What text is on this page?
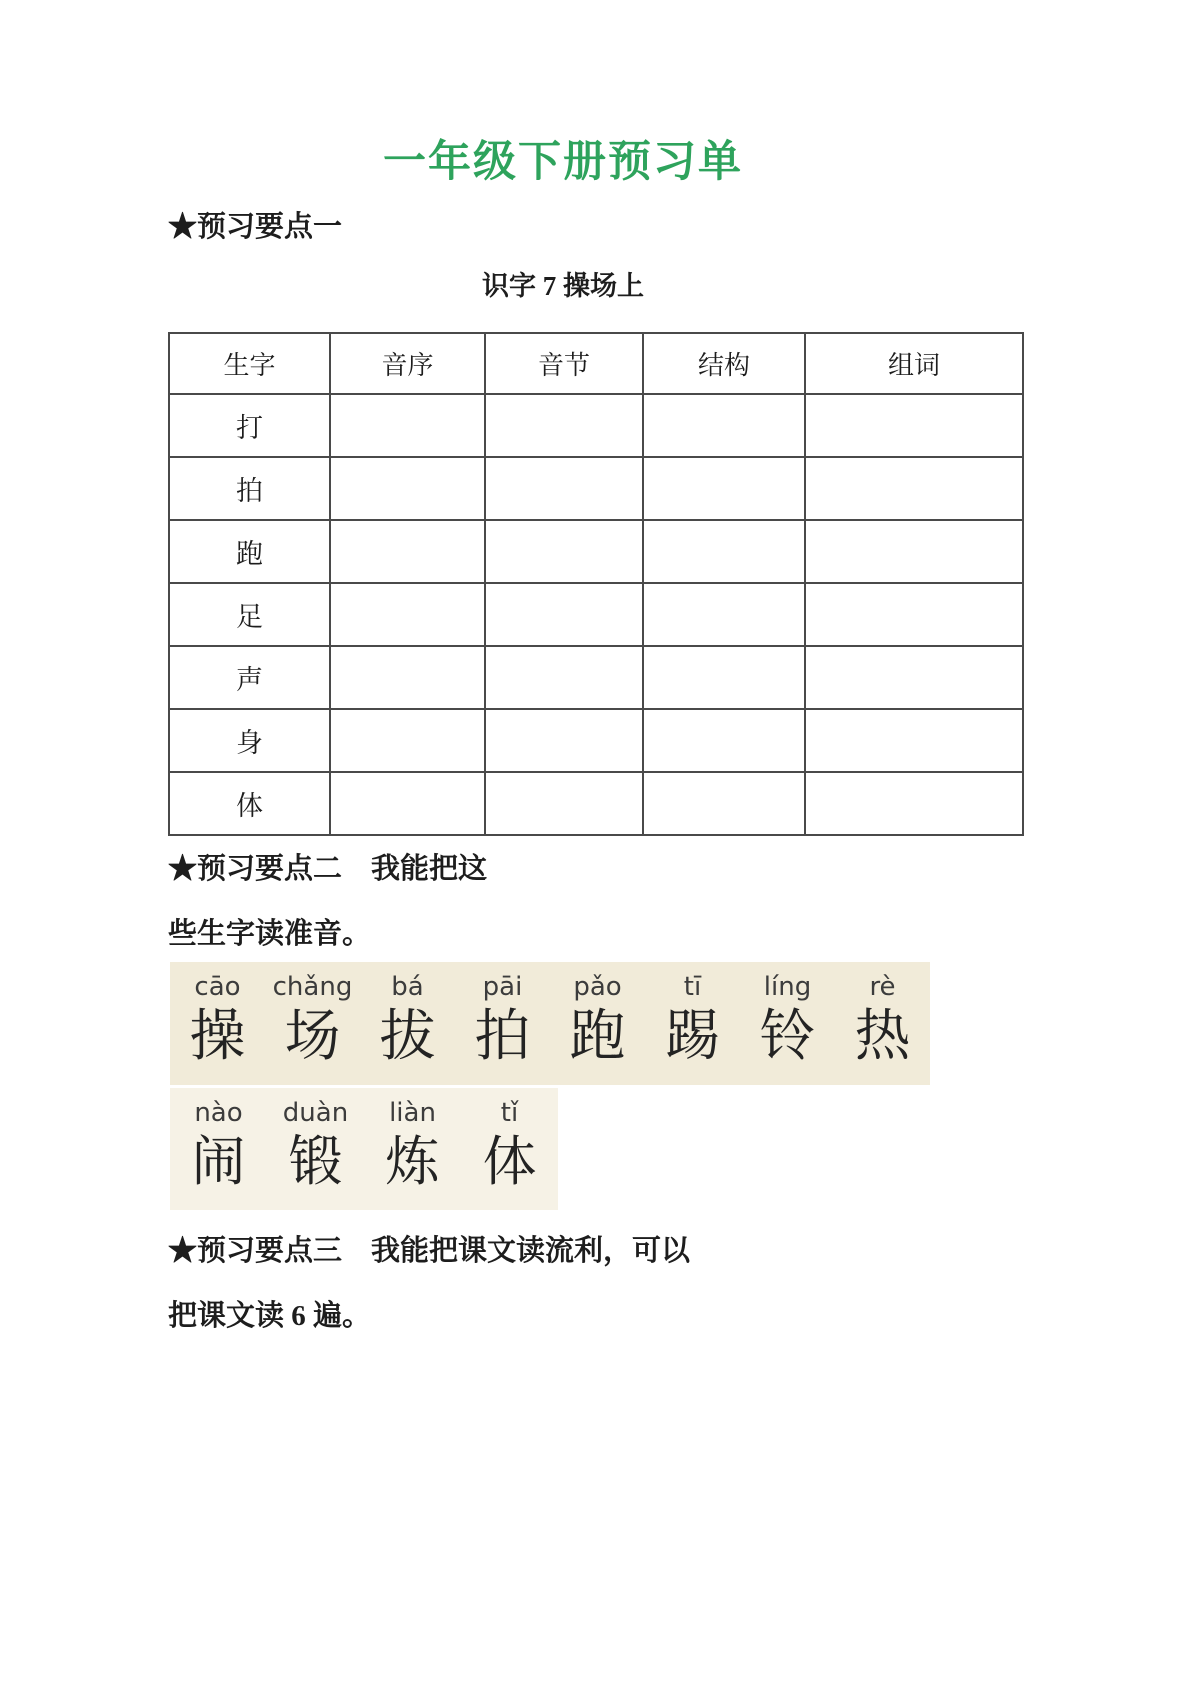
一年级下册预习单
★预习要点一
识字 7 操场上
生字	音序	音节	结构	组词
打				
拍				
跑				
足				
声				
身				
体				
★预习要点二　我能把这
些生字读准音。
cāo
操
chǎng
场
bá
拔
pāi
拍
pǎo
跑
tī
踢
líng
铃
rè
热
nào
闹
duàn
锻
liàn
炼
tǐ
体
★预习要点三　我能把课文读流利，可以
把课文读 6 遍。
